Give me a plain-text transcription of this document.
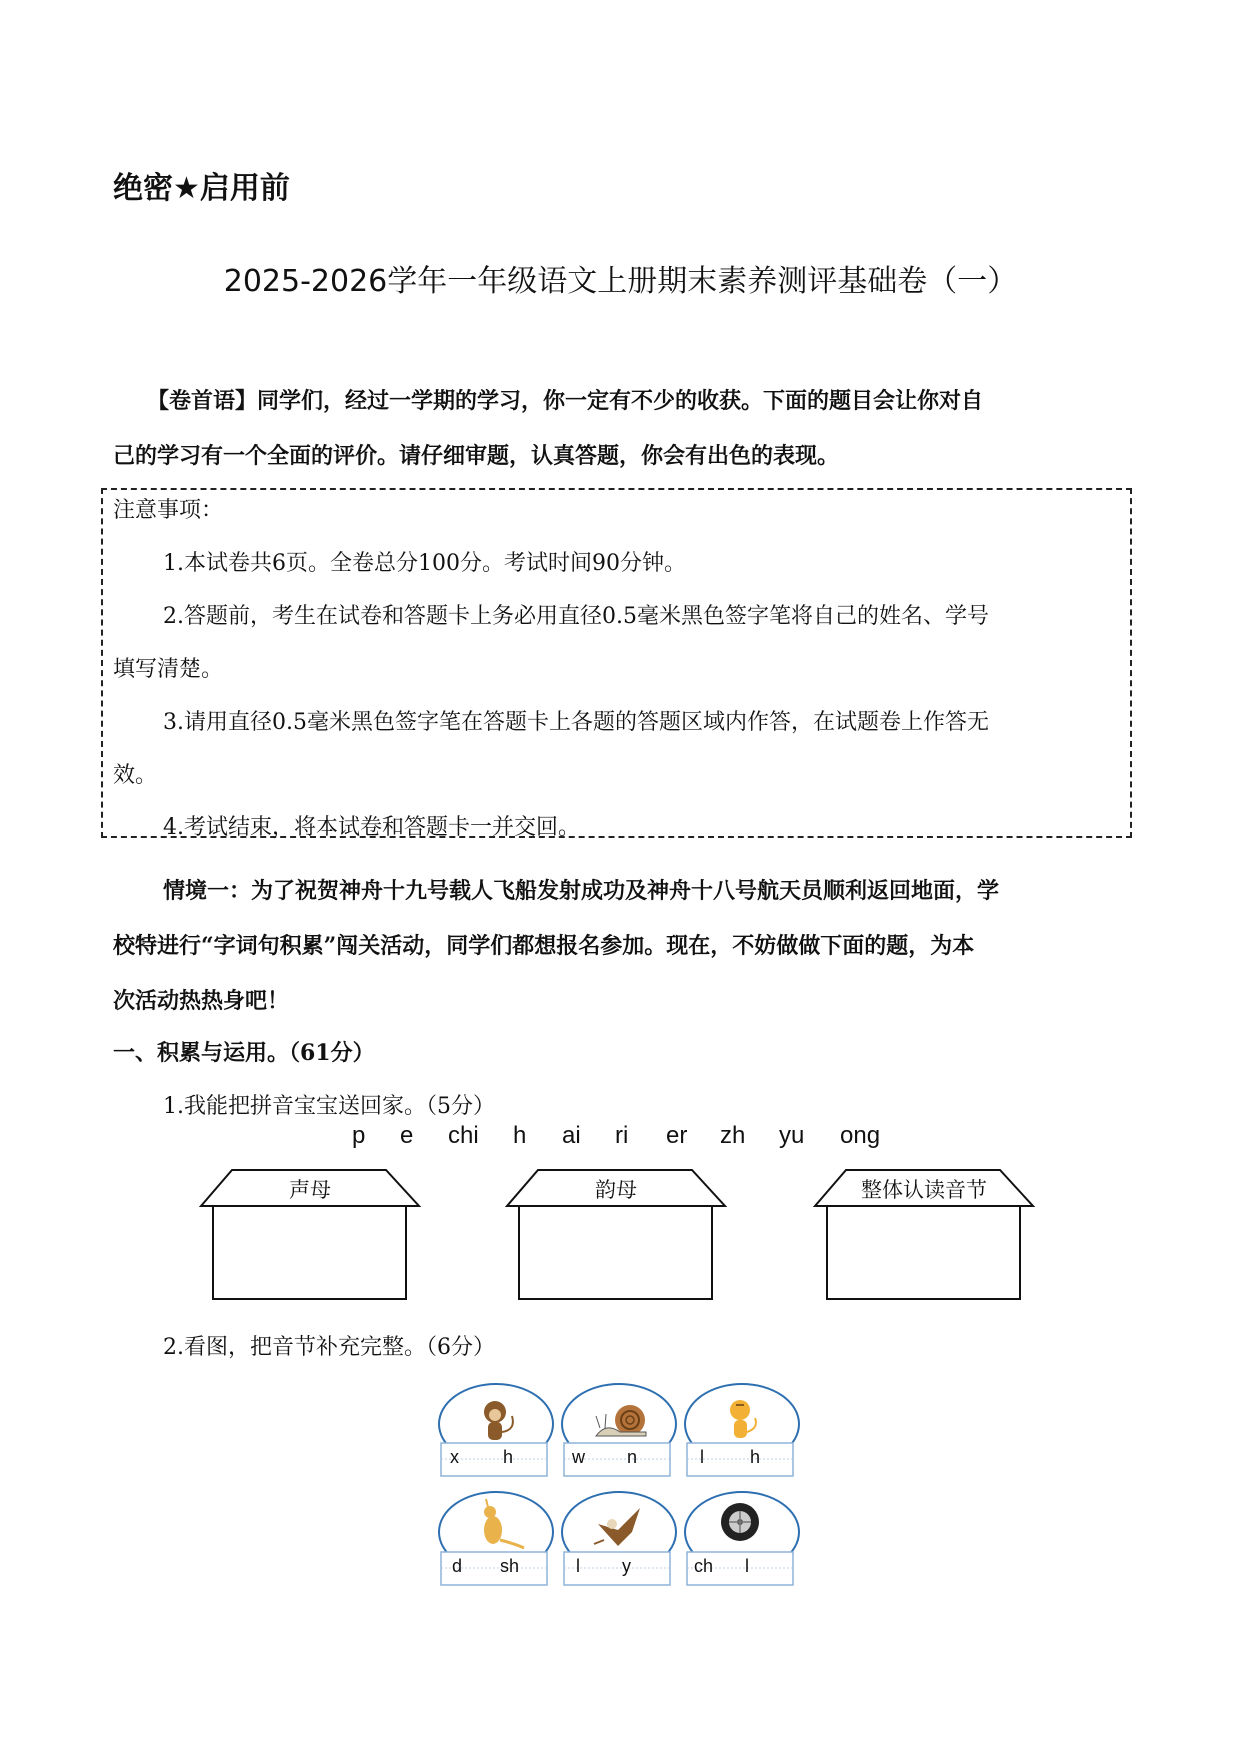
绝密★启用前
2025-2026学年一年级语文上册期末素养测评基础卷（一）
【卷首语】同学们，经过一学期的学习，你一定有不少的收获。下面的题目会让你对自
己的学习有一个全面的评价。请仔细审题，认真答题，你会有出色的表现。
注意事项：
1.本试卷共6页。全卷总分100分。考试时间90分钟。
2.答题前，考生在试卷和答题卡上务必用直径0.5毫米黑色签字笔将自己的姓名、学号
填写清楚。
3.请用直径0.5毫米黑色签字笔在答题卡上各题的答题区域内作答，在试题卷上作答无
效。
4.考试结束，将本试卷和答题卡一并交回。
情境一：为了祝贺神舟十九号载人飞船发射成功及神舟十八号航天员顺利返回地面，学
校特进行“字词句积累”闯关活动，同学们都想报名参加。现在，不妨做做下面的题，为本
次活动热热身吧！
一、积累与运用。（61分）
1.我能把拼音宝宝送回家。（5分）
p e chi h ai ri er zh yu ong
声母	韵母	整体认读音节
2.看图，把音节补充完整。（6分）
x h	w n	l	h
d sh	l y	ch l
